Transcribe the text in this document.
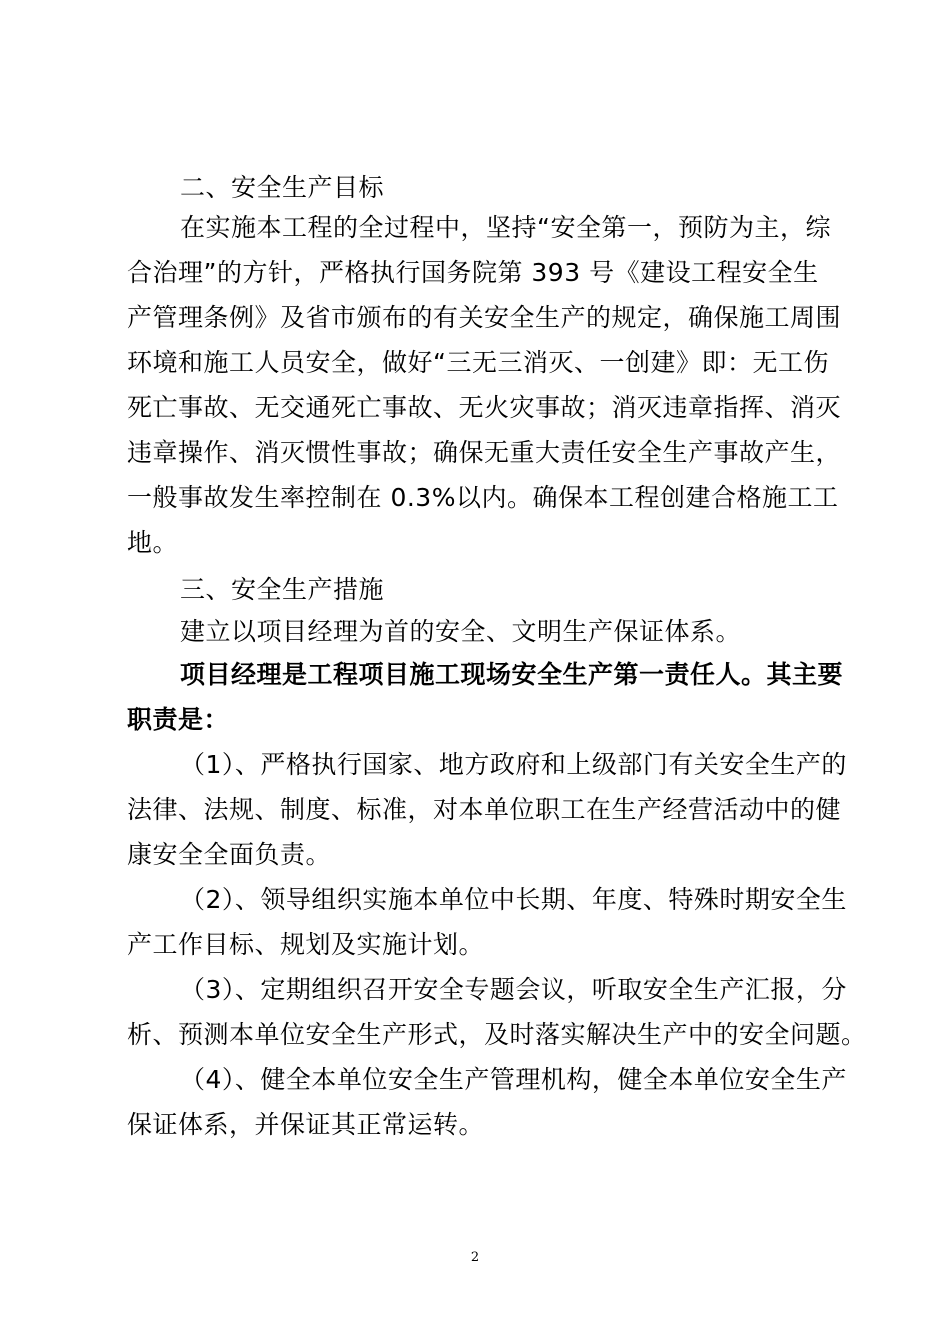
二、安全生产目标
在实施本工程的全过程中，坚持“安全第一，预防为主，综
合治理”的方针，严格执行国务院第 393 号《建设工程安全生
产管理条例》及省市颁布的有关安全生产的规定，确保施工周围
环境和施工人员安全，做好“三无三消灭、一创建》即：无工伤
死亡事故、无交通死亡事故、无火灾事故；消灭违章指挥、消灭
违章操作、消灭惯性事故；确保无重大责任安全生产事故产生，
一般事故发生率控制在 0.3%以内。确保本工程创建合格施工工
地。
三、安全生产措施
建立以项目经理为首的安全、文明生产保证体系。
项目经理是工程项目施工现场安全生产第一责任人。其主要
职责是：
（1）、严格执行国家、地方政府和上级部门有关安全生产的
法律、法规、制度、标准，对本单位职工在生产经营活动中的健
康安全全面负责。
（2）、领导组织实施本单位中长期、年度、特殊时期安全生
产工作目标、规划及实施计划。
（3）、定期组织召开安全专题会议，听取安全生产汇报，分
析、预测本单位安全生产形式，及时落实解决生产中的安全问题。
（4）、健全本单位安全生产管理机构，健全本单位安全生产
保证体系，并保证其正常运转。
2
